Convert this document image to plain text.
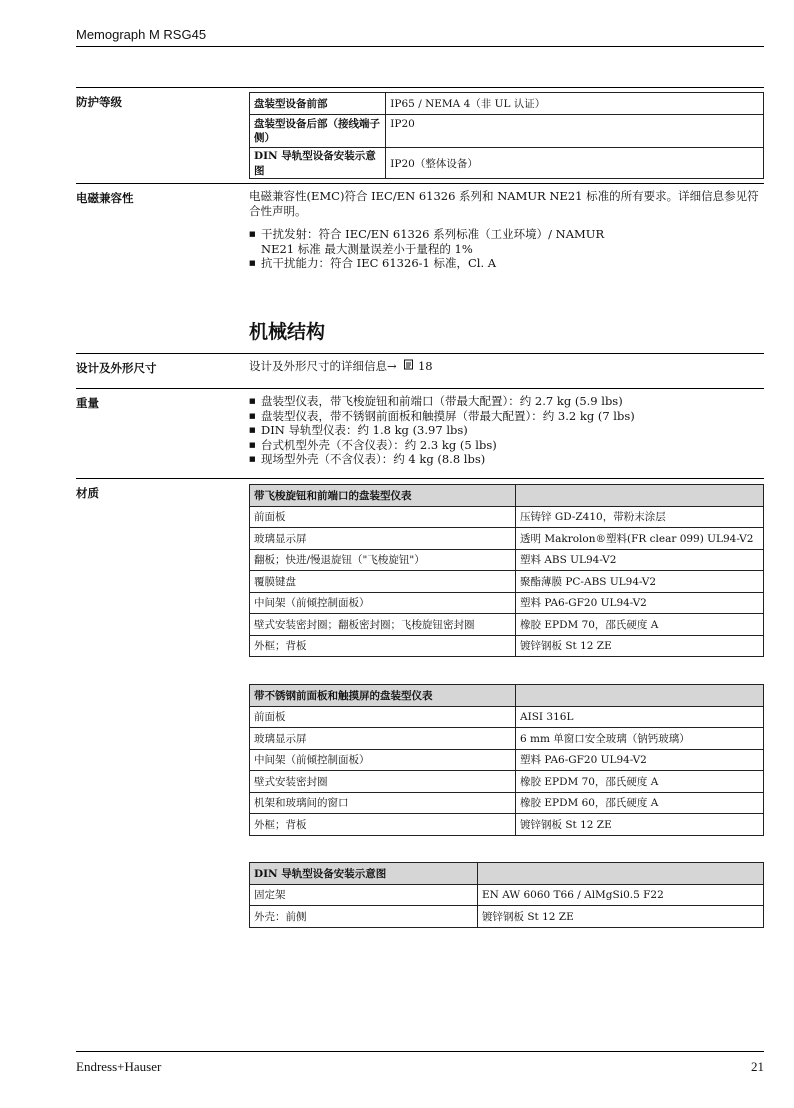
Memograph M RSG45
防护等级	盘装型设备前部	IP65 / NEMA 4（非 UL 认证）
盘装型设备后部（接线端子侧）	IP20
DIN 导轨型设备安装示意图	IP20（整体设备）
电磁兼容性	电磁兼容性(EMC)符合 IEC/EN 61326 系列和 NAMUR NE21 标准的所有要求。详细信息参见符合性声明。
■ 干扰发射：符合 IEC/EN 61326 系列标准（工业环境）/ NAMUR NE21 标准 最大测量误差小于量程的 1%
■ 抗干扰能力：符合 IEC 61326-1 标准，Cl. A
机械结构
设计及外形尺寸	设计及外形尺寸的详细信息→ 18
重量	■ 盘装型仪表，带飞梭旋钮和前端口（带最大配置）：约 2.7 kg (5.9 lbs)
■ 盘装型仪表，带不锈钢前面板和触摸屏（带最大配置）：约 3.2 kg (7 lbs)
■ DIN 导轨型仪表：约 1.8 kg (3.97 lbs)
■ 台式机型外壳（不含仪表）：约 2.3 kg (5 lbs)
■ 现场型外壳（不含仪表）：约 4 kg (8.8 lbs)
材质	带飞梭旋钮和前端口的盘装型仪表	
前面板	压铸锌 GD-Z410，带粉末涂层
玻璃显示屏	透明 Makrolon®塑料(FR clear 099) UL94-V2
翻板；快进/慢退旋钮（"飞梭旋钮"）	塑料 ABS UL94-V2
覆膜键盘	聚酯薄膜 PC-ABS UL94-V2
中间架（前倾控制面板）	塑料 PA6-GF20 UL94-V2
壁式安装密封圈；翻板密封圈；飞梭旋钮密封圈	橡胶 EPDM 70，邵氏硬度 A
外框；背板	镀锌钢板 St 12 ZE
带不锈钢前面板和触摸屏的盘装型仪表	
前面板	AISI 316L
玻璃显示屏	6 mm 单窗口安全玻璃（钠钙玻璃）
中间架（前倾控制面板）	塑料 PA6-GF20 UL94-V2
壁式安装密封圈	橡胶 EPDM 70，邵氏硬度 A
机架和玻璃间的窗口	橡胶 EPDM 60，邵氏硬度 A
外框；背板	镀锌钢板 St 12 ZE
DIN 导轨型设备安装示意图	
固定架	EN AW 6060 T66 / AlMgSi0.5 F22
外壳：前侧	镀锌钢板 St 12 ZE
Endress+Hauser	21
